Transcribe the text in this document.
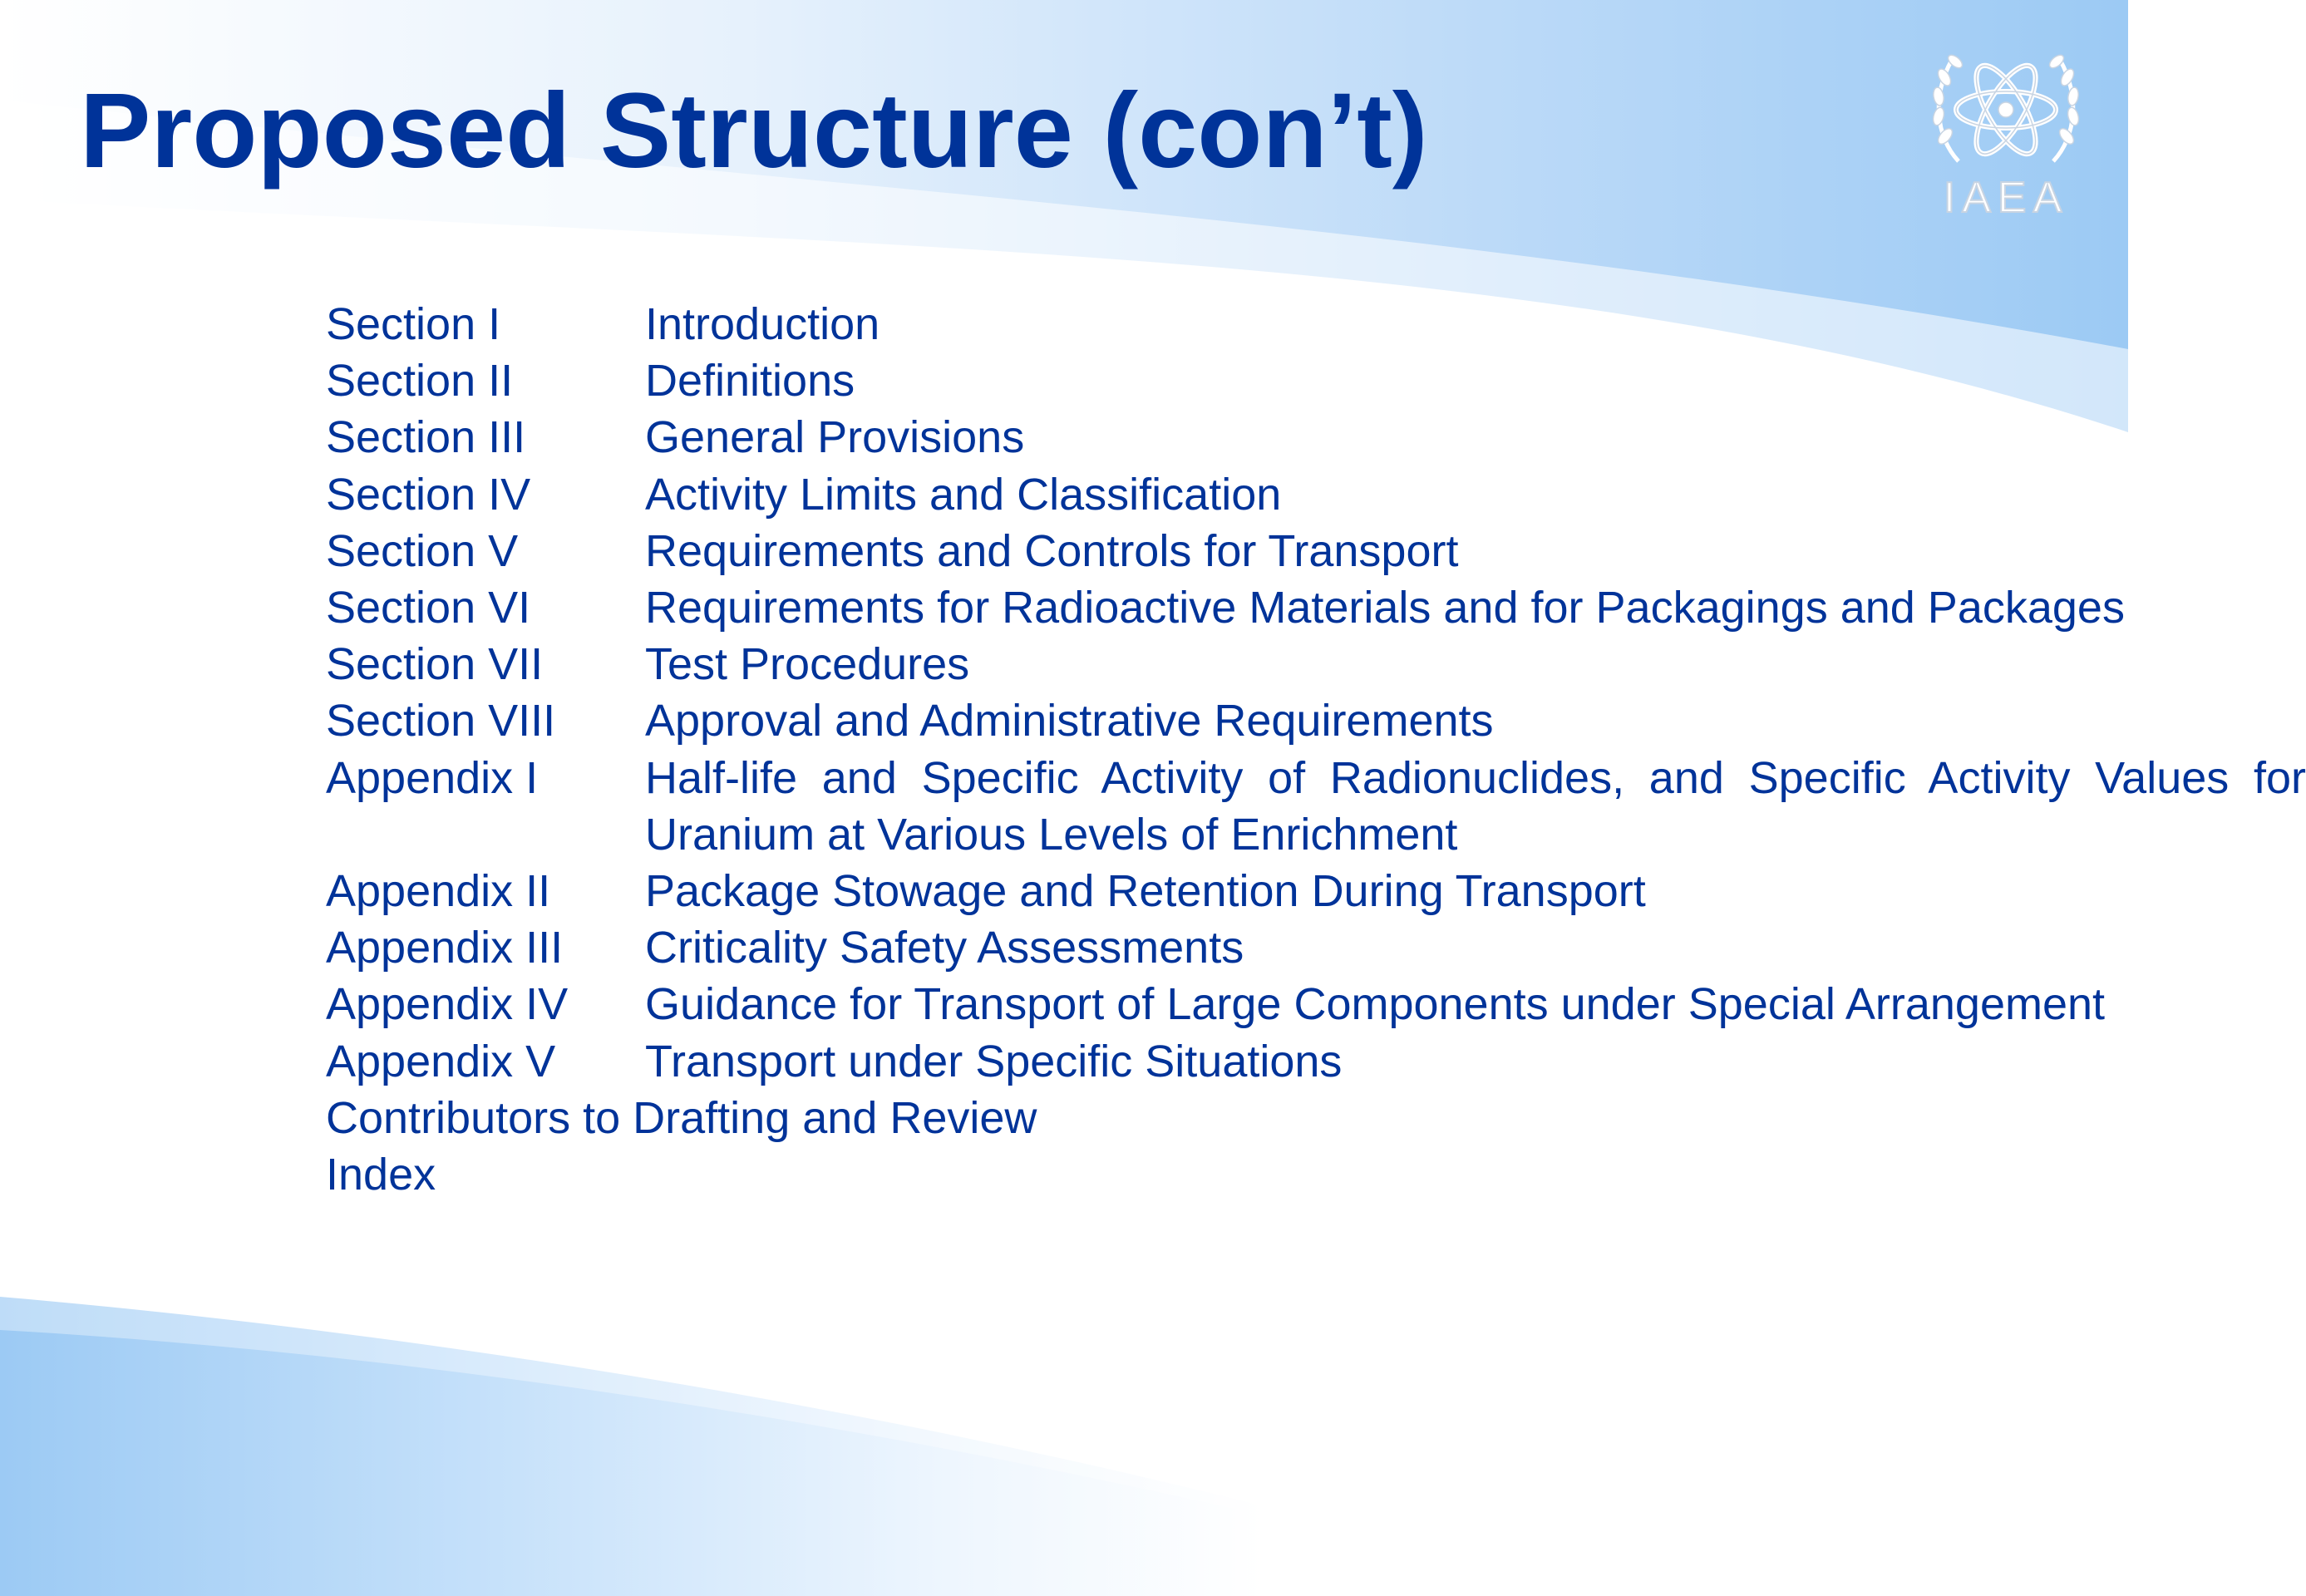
Proposed Structure (con’t)
IAEA
Section I	Introduction
Section II	Definitions
Section III	General Provisions
Section IV	Activity Limits and Classification
Section V	Requirements and Controls for Transport
Section VI	Requirements for Radioactive Materials and for Packagings and Packages
Section VII	Test Procedures
Section VIII	Approval and Administrative Requirements
Appendix I	Half-life and Specific Activity of Radionuclides, and Specific Activity Values for Uranium at Various Levels of Enrichment
Appendix II	Package Stowage and Retention During Transport
Appendix III	Criticality Safety Assessments
Appendix IV	Guidance for Transport of Large Components under Special Arrangement
Appendix V	Transport under Specific Situations
Contributors to Drafting and Review
Index
